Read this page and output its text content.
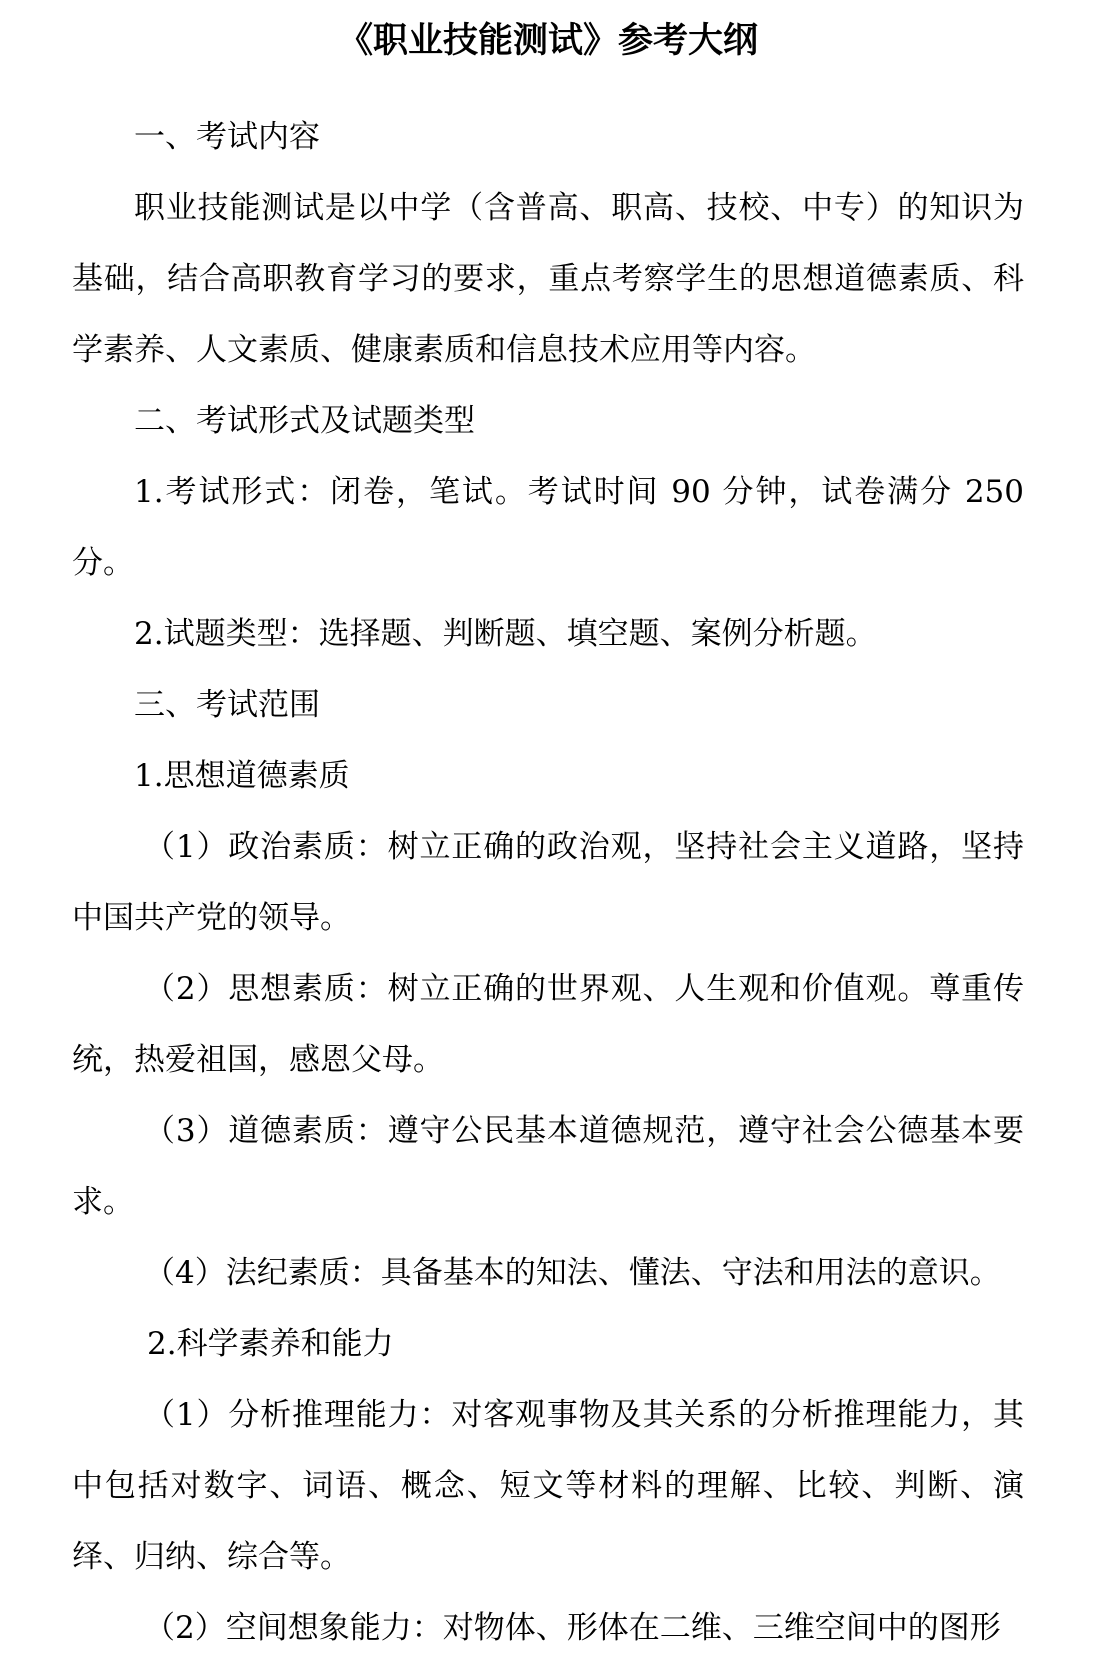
《职业技能测试》参考大纲

一、考试内容

职业技能测试是以中学（含普高、职高、技校、中专）的知识为基础，结合高职教育学习的要求，重点考察学生的思想道德素质、科学素养、人文素质、健康素质和信息技术应用等内容。

二、考试形式及试题类型

1.考试形式：闭卷，笔试。考试时间 90 分钟，试卷满分 250 分。

2.试题类型：选择题、判断题、填空题、案例分析题。

三、考试范围

1.思想道德素质

（1）政治素质：树立正确的政治观，坚持社会主义道路，坚持中国共产党的领导。

（2）思想素质：树立正确的世界观、人生观和价值观。尊重传统，热爱祖国，感恩父母。

（3）道德素质：遵守公民基本道德规范，遵守社会公德基本要求。

（4）法纪素质：具备基本的知法、懂法、守法和用法的意识。

2.科学素养和能力

（1）分析推理能力：对客观事物及其关系的分析推理能力，其中包括对数字、词语、概念、短文等材料的理解、比较、判断、演绎、归纳、综合等。

（2）空间想象能力：对物体、形体在二维、三维空间中的图形
